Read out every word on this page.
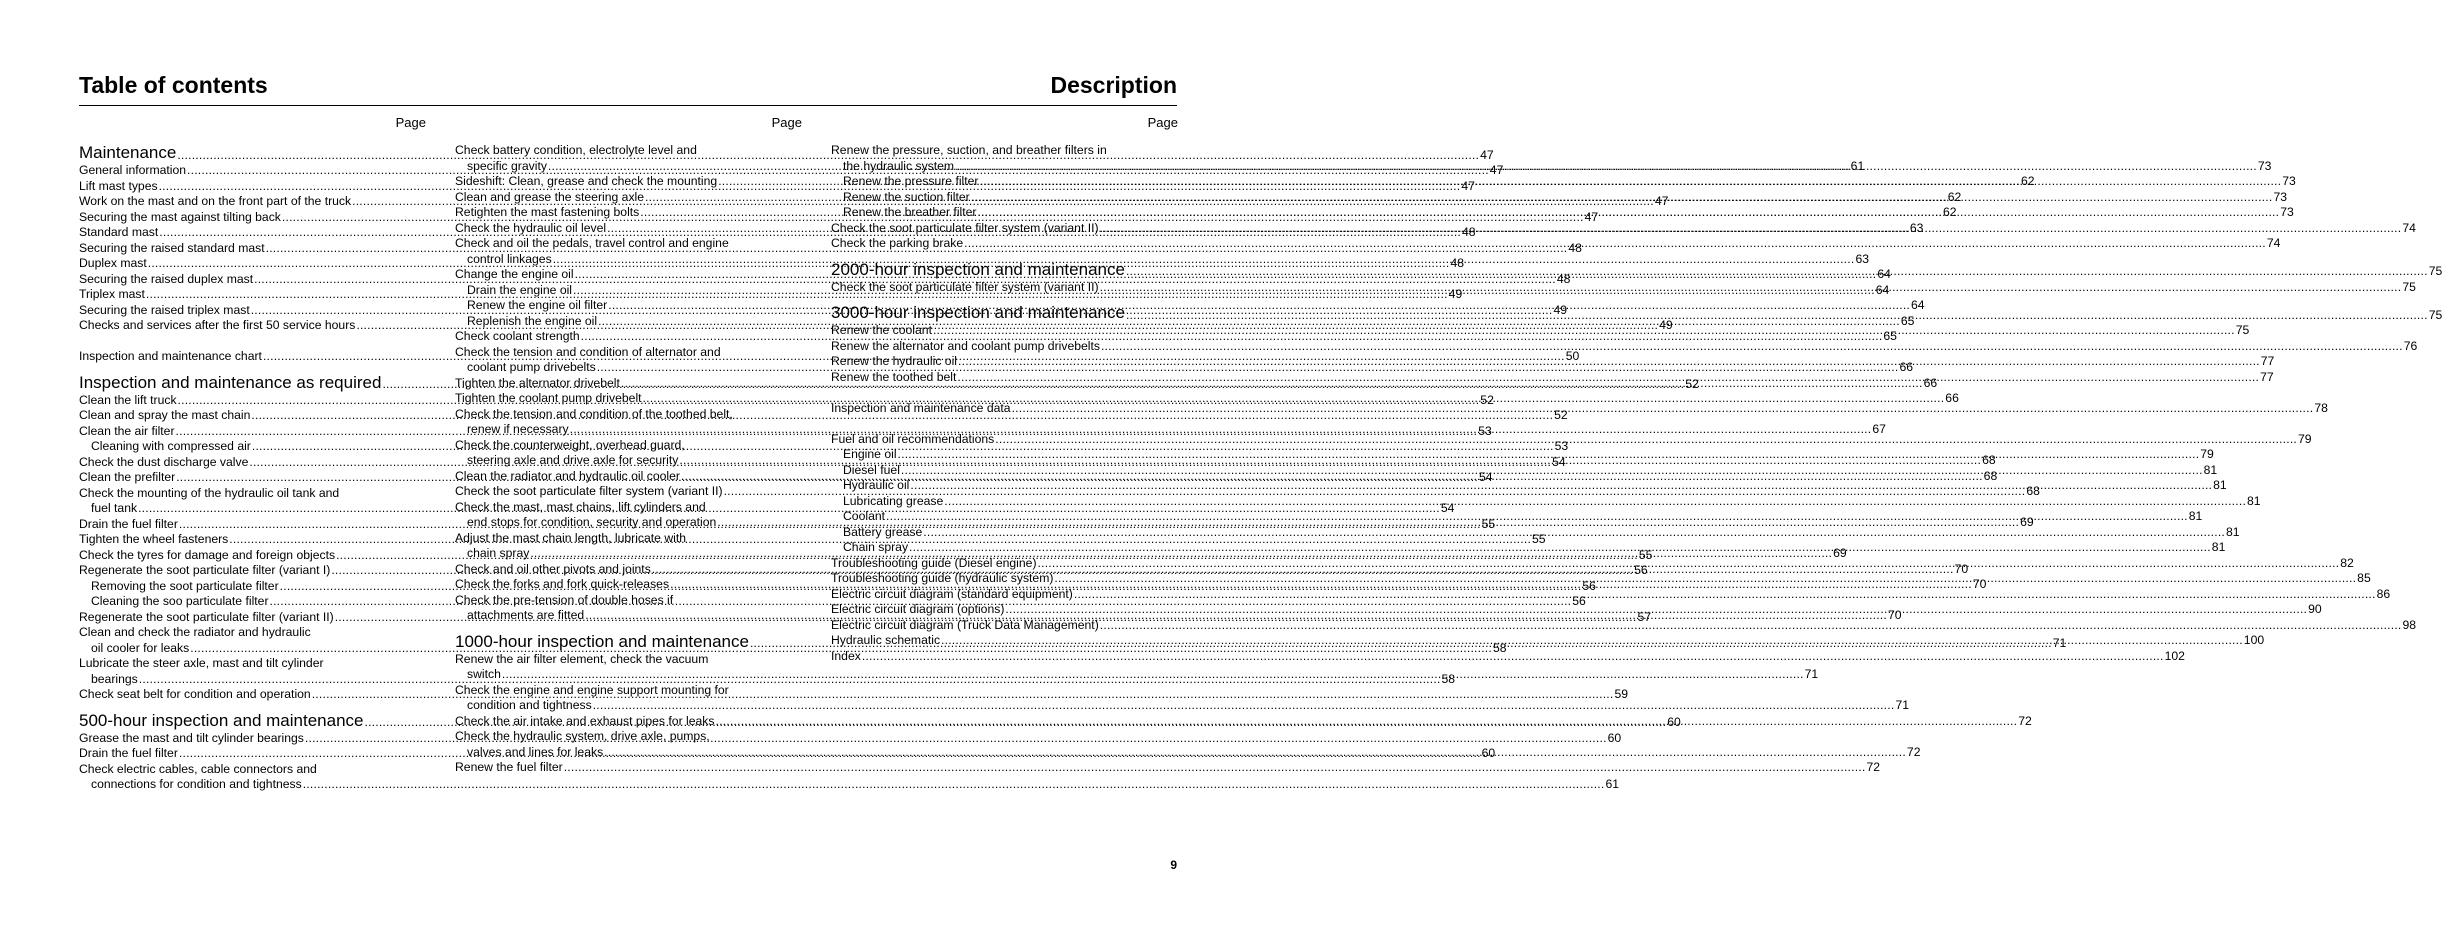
Table of contents	Description
Page
Maintenance .....	47
General information .....	47
Lift mast types .....	47
Work on the mast and on the front part of the truck .....	47
Securing the mast against tilting back .....	47
Standard mast .....	48
Securing the raised standard mast .....	48
Duplex mast .....	48
Securing the raised duplex mast .....	48
Triplex mast .....	49
Securing the raised triplex mast .....	49
Checks and services after the first 50 service hours .....	49
Inspection and maintenance chart .....	50
Inspection and maintenance as required .....	52
Clean the lift truck .....	52
Clean and spray the mast chain .....	52
Clean the air filter .....	53
Cleaning with compressed air .....	53
Check the dust discharge valve .....	54
Clean the prefilter .....	54
Check the mounting of the hydraulic oil tank and
fuel tank .....	54
Drain the fuel filter .....	55
Tighten the wheel fasteners .....	55
Check the tyres for damage and foreign objects .....	55
Regenerate the soot particulate filter (variant I) .....	56
Removing the soot particulate filter .....	56
Cleaning the soo particulate filter .....	56
Regenerate the soot particulate filter (variant II) .....	57
Clean and check the radiator and hydraulic
oil cooler for leaks .....	58
Lubricate the steer axle, mast and tilt cylinder
bearings .....	58
Check seat belt for condition and operation .....	59
500-hour inspection and maintenance .....	60
Grease the mast and tilt cylinder bearings .....	60
Drain the fuel filter .....	60
Check electric cables, cable connectors and
connections for condition and tightness .....	61
Page
Check battery condition, electrolyte level and
specific gravity .....	61
Sideshift: Clean, grease and check the mounting .....	62
Clean and grease the steering axle .....	62
Retighten the mast fastening bolts .....	62
Check the hydraulic oil level .....	63
Check and oil the pedals, travel control and engine
control linkages .....	63
Change the engine oil .....	64
Drain the engine oil .....	64
Renew the engine oil filter .....	64
Replenish the engine oil .....	65
Check coolant strength .....	65
Check the tension and condition of alternator and
coolant pump drivebelts .....	66
Tighten the alternator drivebelt .....	66
Tighten the coolant pump drivebelt .....	66
Check the tension and condition of the toothed belt,
renew if necessary .....	67
Check the counterweight, overhead guard,
steering axle and drive axle for security .....	68
Clean the radiator and hydraulic oil cooler .....	68
Check the soot particulate filter system (variant II) .....	68
Check the mast, mast chains, lift cylinders and
end stops for condition, security and operation .....	69
Adjust the mast chain length, lubricate with
chain spray .....	69
Check and oil other pivots and joints .....	70
Check the forks and fork quick-releases .....	70
Check the pre-tension of double hoses if
attachments are fitted .....	70
1000-hour inspection and maintenance .....	71
Renew the air filter element, check the vacuum
switch .....	71
Check the engine and engine support mounting for
condition and tightness .....	71
Check the air intake and exhaust pipes for leaks .....	72
Check the hydraulic system, drive axle, pumps,
valves and lines for leaks .....	72
Renew the fuel filter .....	72
Page
Renew the pressure, suction, and breather filters in
the hydraulic system .....	73
Renew the pressure filter .....	73
Renew the suction filter .....	73
Renew the breather filter .....	73
Check the soot particulate filter system (variant II) .....	74
Check the parking brake .....	74
2000-hour inspection and maintenance .....	75
Check the soot particulate filter system (variant II) .....	75
3000-hour inspection and maintenance .....	75
Renew the coolant .....	75
Renew the alternator and coolant pump drivebelts .....	76
Renew the hydraulic oil .....	77
Renew the toothed belt .....	77
Inspection and maintenance data .....	78
Fuel and oil recommendations .....	79
Engine oil .....	79
Diesel fuel .....	81
Hydraulic oil .....	81
Lubricating grease .....	81
Coolant .....	81
Battery grease .....	81
Chain spray .....	81
Troubleshooting guide (Diesel engine) .....	82
Troubleshooting guide (hydraulic system) .....	85
Electric circuit diagram (standard equipment) .....	86
Electric circuit diagram (options) .....	90
Electric circuit diagram (Truck Data Management) .....	98
Hydraulic schematic .....	100
Index .....	102
9
